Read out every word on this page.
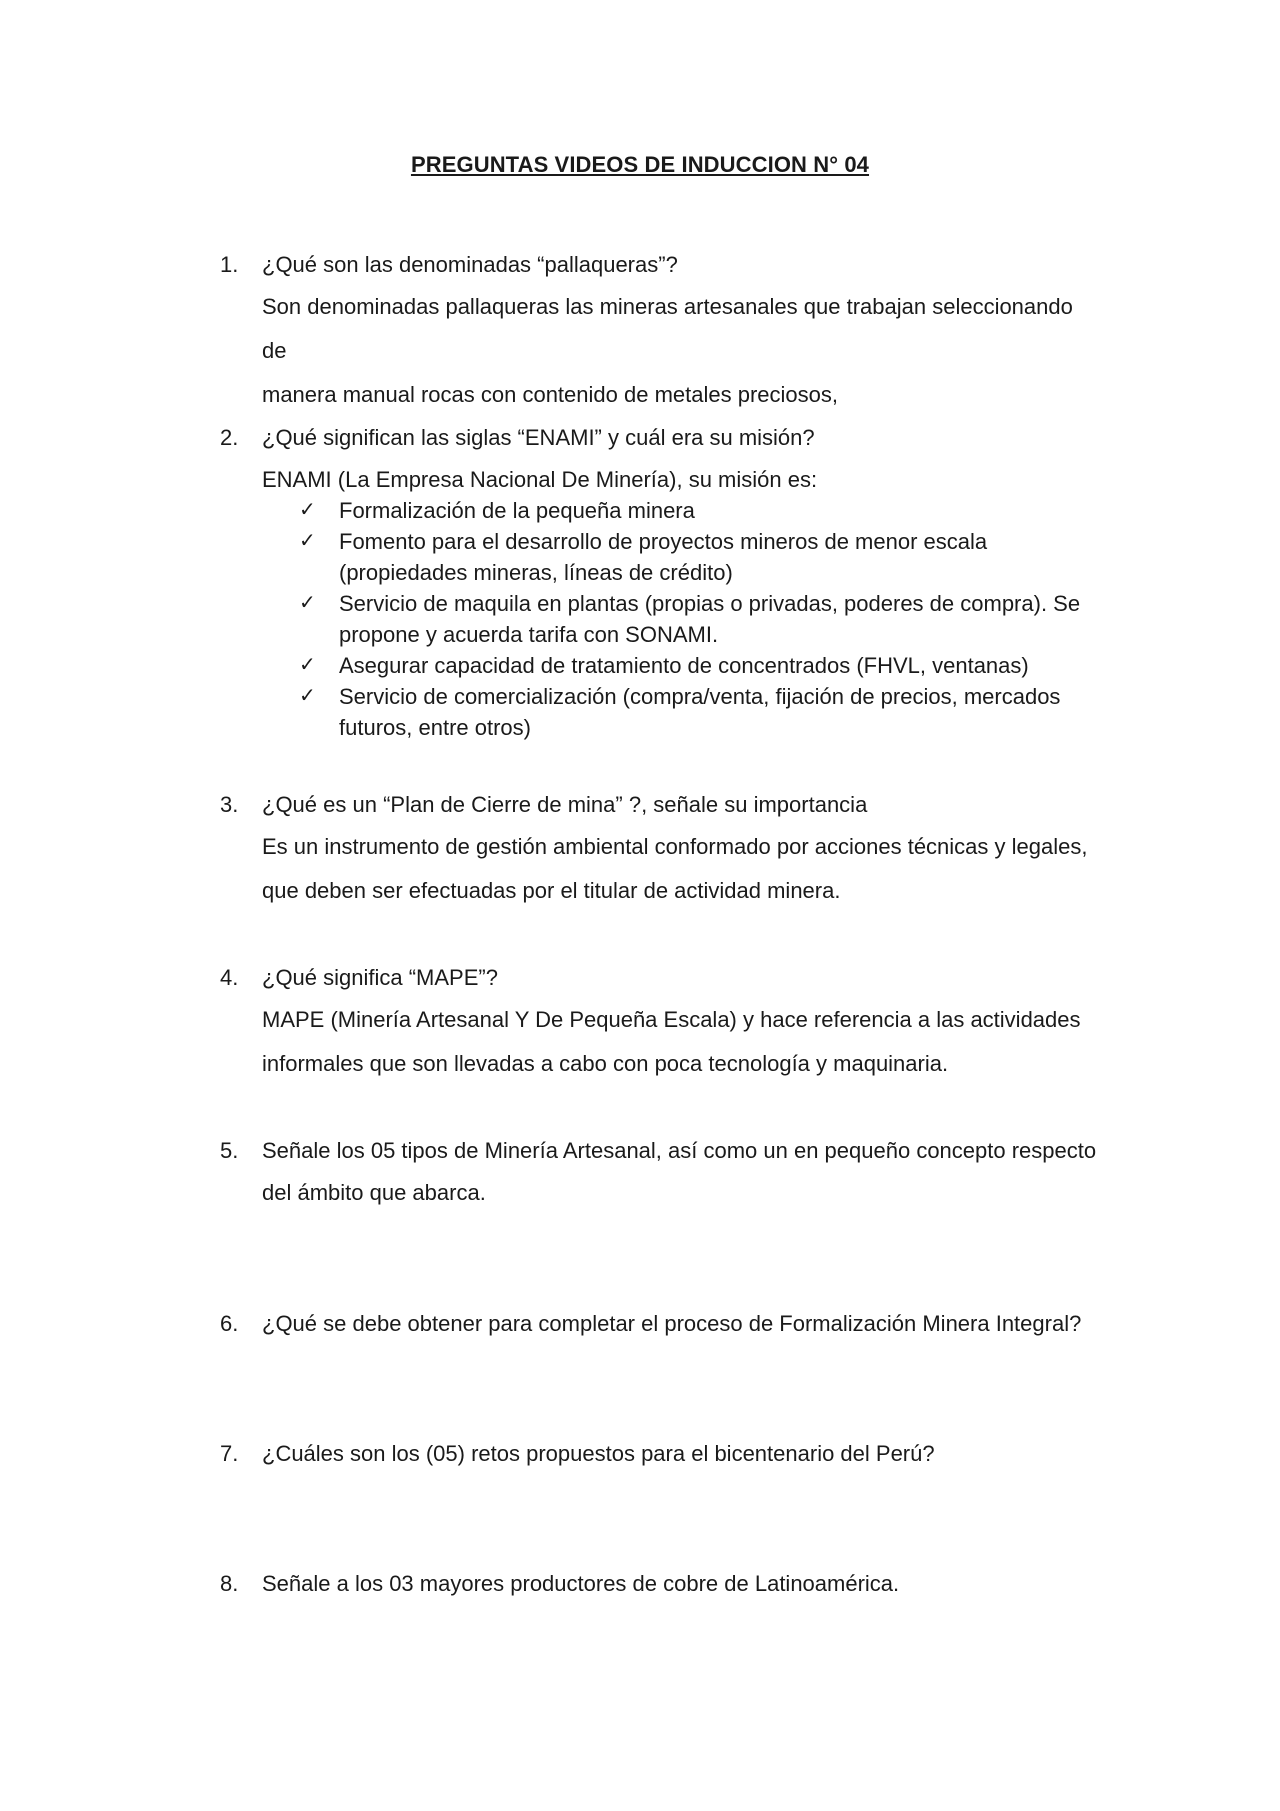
PREGUNTAS VIDEOS DE INDUCCION N° 04
1.	¿Qué son las denominadas “pallaqueras”?
Son denominadas pallaqueras las mineras artesanales que trabajan seleccionando de
manera manual rocas con contenido de metales preciosos,
2.	¿Qué significan las siglas “ENAMI” y cuál era su misión?
ENAMI (La Empresa Nacional De Minería), su misión es:
✓ Formalización de la pequeña minera
✓ Fomento para el desarrollo de proyectos mineros de menor escala (propiedades mineras, líneas de crédito)
✓ Servicio de maquila en plantas (propias o privadas, poderes de compra). Se propone y acuerda tarifa con SONAMI.
✓ Asegurar capacidad de tratamiento de concentrados (FHVL, ventanas)
✓ Servicio de comercialización (compra/venta, fijación de precios, mercados futuros, entre otros)
3.	¿Qué es un “Plan de Cierre de mina” ?, señale su importancia
Es un instrumento de gestión ambiental conformado por acciones técnicas y legales,
que deben ser efectuadas por el titular de actividad minera.
4.	¿Qué significa “MAPE”?
MAPE (Minería Artesanal Y De Pequeña Escala) y hace referencia a las actividades
informales que son llevadas a cabo con poca tecnología y maquinaria.
5.	Señale los 05 tipos de Minería Artesanal, así como un en pequeño concepto respecto
del ámbito que abarca.
6.	¿Qué se debe obtener para completar el proceso de Formalización Minera Integral?
7.	¿Cuáles son los (05) retos propuestos para el bicentenario del Perú?
8.	Señale a los 03 mayores productores de cobre de Latinoamérica.
